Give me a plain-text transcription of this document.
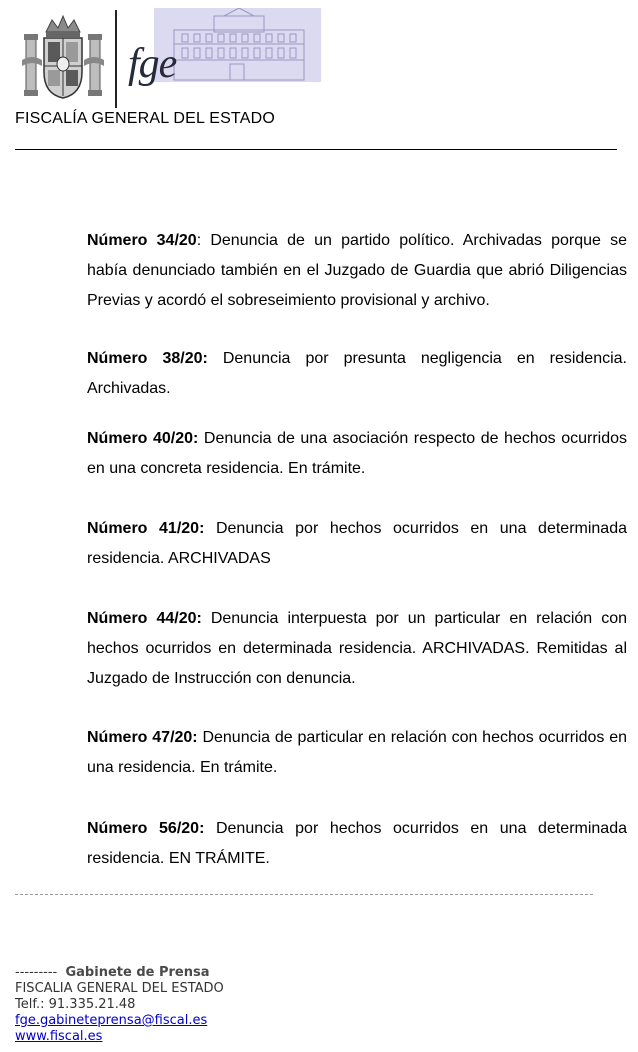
fge
FISCALÍA GENERAL DEL ESTADO

Número 34/20: Denuncia de un partido político. Archivadas porque se había denunciado también en el Juzgado de Guardia que abrió Diligencias Previas y acordó el sobreseimiento provisional y archivo.

Número 38/20: Denuncia por presunta negligencia en residencia. Archivadas.

Número 40/20: Denuncia de una asociación respecto de hechos ocurridos en una concreta residencia. En trámite.

Número 41/20: Denuncia por hechos ocurridos en una determinada residencia. ARCHIVADAS

Número 44/20: Denuncia interpuesta por un particular en relación con hechos ocurridos en determinada residencia. ARCHIVADAS. Remitidas al Juzgado de Instrucción con denuncia.

Número 47/20: Denuncia de particular en relación con hechos ocurridos en una residencia. En trámite.

Número 56/20: Denuncia por hechos ocurridos en una determinada residencia. EN TRÁMITE.

--------- Gabinete de Prensa
FISCALIA GENERAL DEL ESTADO
Telf.: 91.335.21.48
fge.gabineteprensa@fiscal.es
www.fiscal.es
